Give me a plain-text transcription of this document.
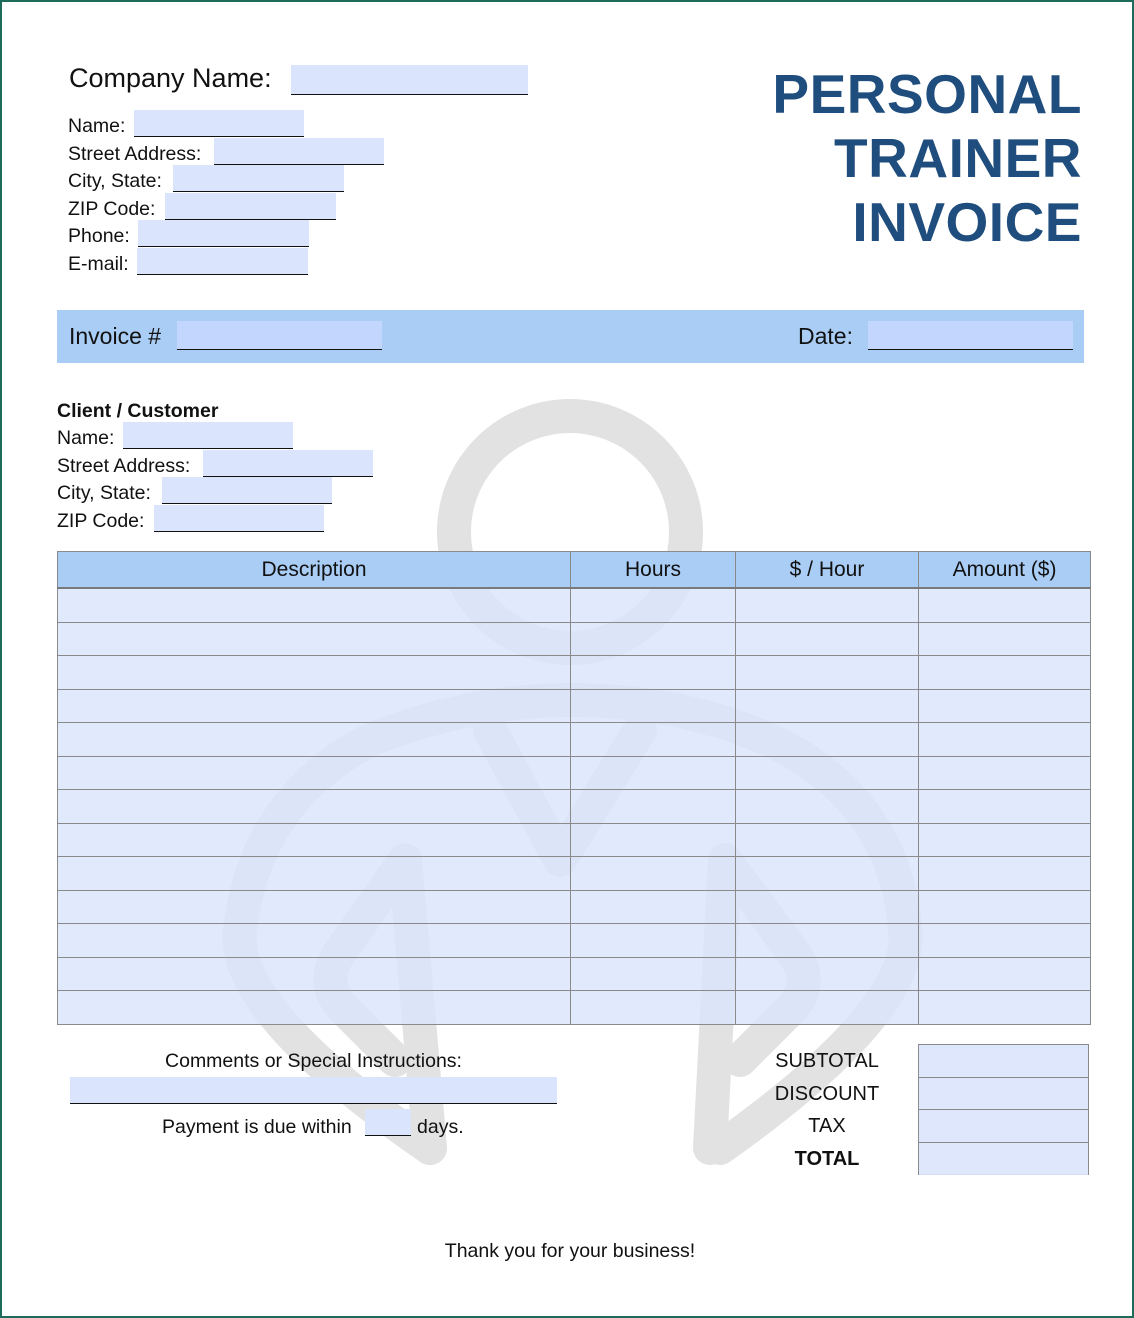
Company Name:	PERSONAL
TRAINER
INVOICE
Name:
Street Address:
City, State:
ZIP Code:
Phone:
E-mail:
Invoice #	Date:
Client / Customer
Name:
Street Address:
City, State:
ZIP Code:
Description	Hours	$ / Hour	Amount ($)

Comments or Special Instructions:
Payment is due within	days.
SUBTOTAL
DISCOUNT
TAX
TOTAL
Thank you for your business!
